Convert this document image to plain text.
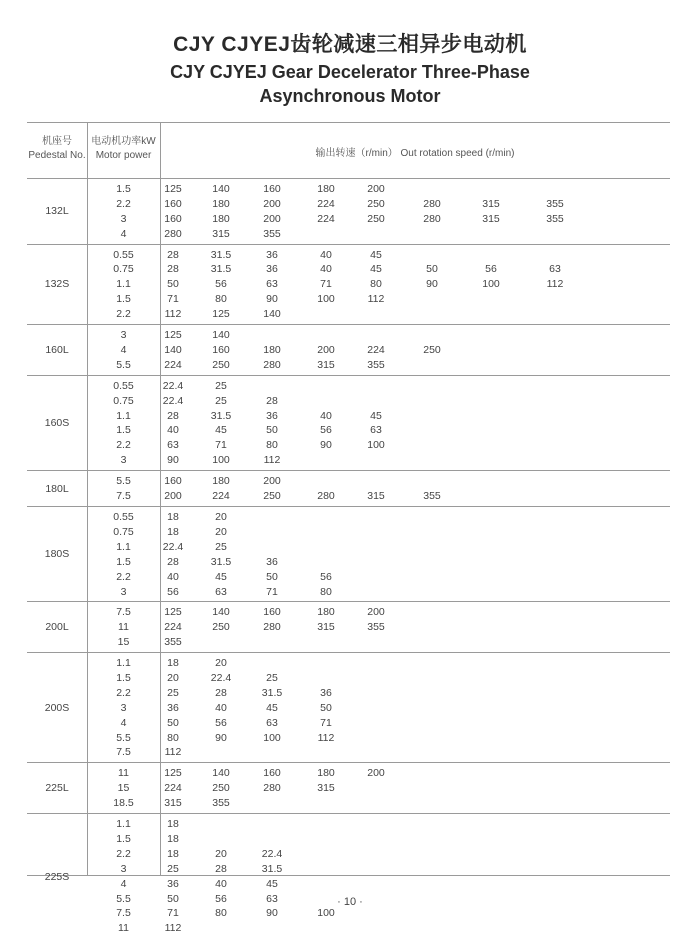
CJY CJYEJ齿轮减速三相异步电动机
CJY CJYEJ Gear Decelerator Three-Phase
Asynchronous Motor
机座号
Pedestal No.
电动机功率kW
Motor power	输出转速（r/min） Out rotation speed (r/min)
132L
1.5	125	140	160	180	200
2.2	160	180	200	224	250	280	315	355
3	160	180	200	224	250	280	315	355
4	280	315	355
132S
0.55	28	31.5	36	40	45
0.75	28	31.5	36	40	45	50	56	63
1.1	50	56	63	71	80	90	100	112
1.5	71	80	90	100	112
2.2	112	125	140
160L
3	125	140
4	140	160	180	200	224	250
5.5	224	250	280	315	355
160S
0.55	22.4	25
0.75	22.4	25	28
1.1	28	31.5	36	40	45
1.5	40	45	50	56	63
2.2	63	71	80	90	100
3	90	100	112
180L
5.5	160	180	200
7.5	200	224	250	280	315	355
180S
0.55	18	20
0.75	18	20
1.1	22.4	25
1.5	28	31.5	36
2.2	40	45	50	56
3	56	63	71	80
200L
7.5	125	140	160	180	200
11	224	250	280	315	355
15	355
200S
1.1	18	20
1.5	20	22.4	25
2.2	25	28	31.5	36
3	36	40	45	50
4	50	56	63	71
5.5	80	90	100	112
7.5	112
225L
11	125	140	160	180	200
15	224	250	280	315
18.5	315	355
225S
1.1	18
1.5	18
2.2	18	20	22.4
3	25	28	31.5
4	36	40	45
5.5	50	56	63
7.5	71	80	90	100
11	112
· 10 ·
